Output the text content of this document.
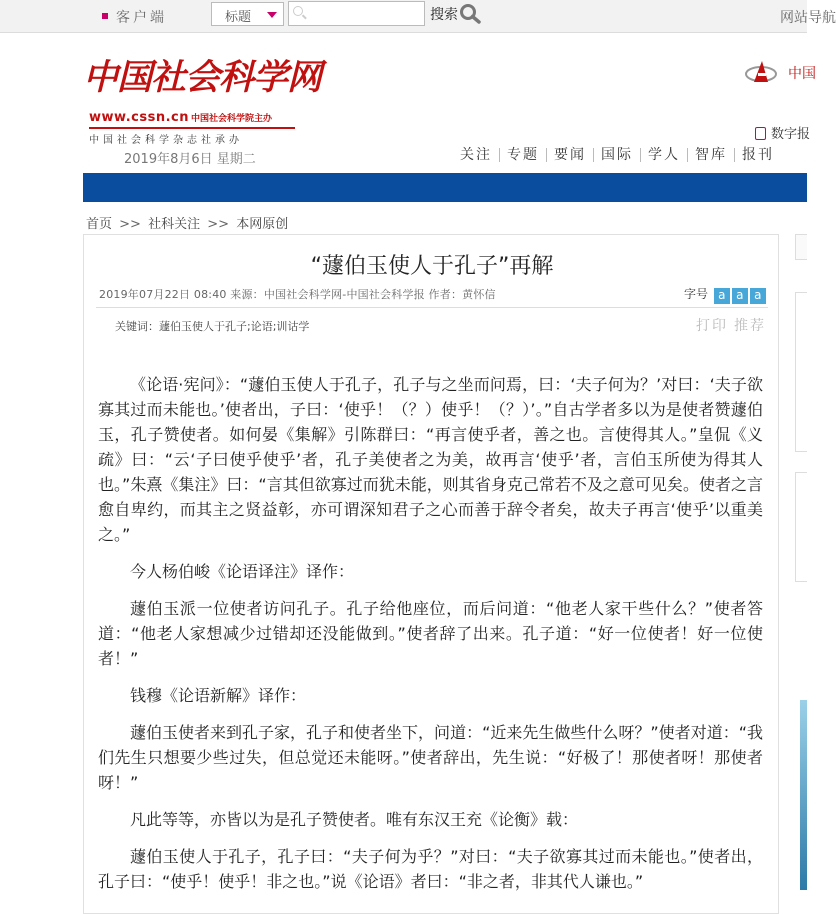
客户端	标题	搜索	网站导航
中国社会科学网
www.cssn.cn 中国社会科学院主办
中国社会科学杂志社承办
2019年8月6日 星期二
中国
数字报
关注 专题 要闻 国际 学人 智库 报刊
首页 >> 社科关注 >> 本网原创
“蘧伯玉使人于孔子”再解
2019年07月22日 08:40 来源：中国社会科学网-中国社会科学报 作者：黄怀信	字号 a a a
关键词：蘧伯玉使人于孔子;论语;训诂学	打印 推荐

《论语·宪问》：“蘧伯玉使人于孔子，孔子与之坐而问焉，曰：‘夫子何为？’对曰：‘夫子欲寡其过而未能也。’使者出，子曰：‘使乎！（？）使乎！（？）’。”自古学者多以为是使者赞蘧伯玉，孔子赞使者。如何晏《集解》引陈群曰：“再言使乎者，善之也。言使得其人。”皇侃《义疏》曰：“云‘子曰使乎使乎’者，孔子美使者之为美，故再言‘使乎’者，言伯玉所使为得其人也。”朱熹《集注》曰：“言其但欲寡过而犹未能，则其省身克己常若不及之意可见矣。使者之言愈自卑约，而其主之贤益彰，亦可谓深知君子之心而善于辞令者矣，故夫子再言‘使乎’以重美之。”

今人杨伯峻《论语译注》译作：

蘧伯玉派一位使者访问孔子。孔子给他座位，而后问道：“他老人家干些什么？”使者答道：“他老人家想减少过错却还没能做到。”使者辞了出来。孔子道：“好一位使者！好一位使者！”

钱穆《论语新解》译作：

蘧伯玉使者来到孔子家，孔子和使者坐下，问道：“近来先生做些什么呀？”使者对道：“我们先生只想要少些过失，但总觉还未能呀。”使者辞出，先生说：“好极了！那使者呀！那使者呀！”

凡此等等，亦皆以为是孔子赞使者。唯有东汉王充《论衡》载：

蘧伯玉使人于孔子，孔子曰：“夫子何为乎？”对曰：“夫子欲寡其过而未能也。”使者出，孔子曰：“使乎！使乎！非之也。”说《论语》者曰：“非之者，非其代人谦也。”
